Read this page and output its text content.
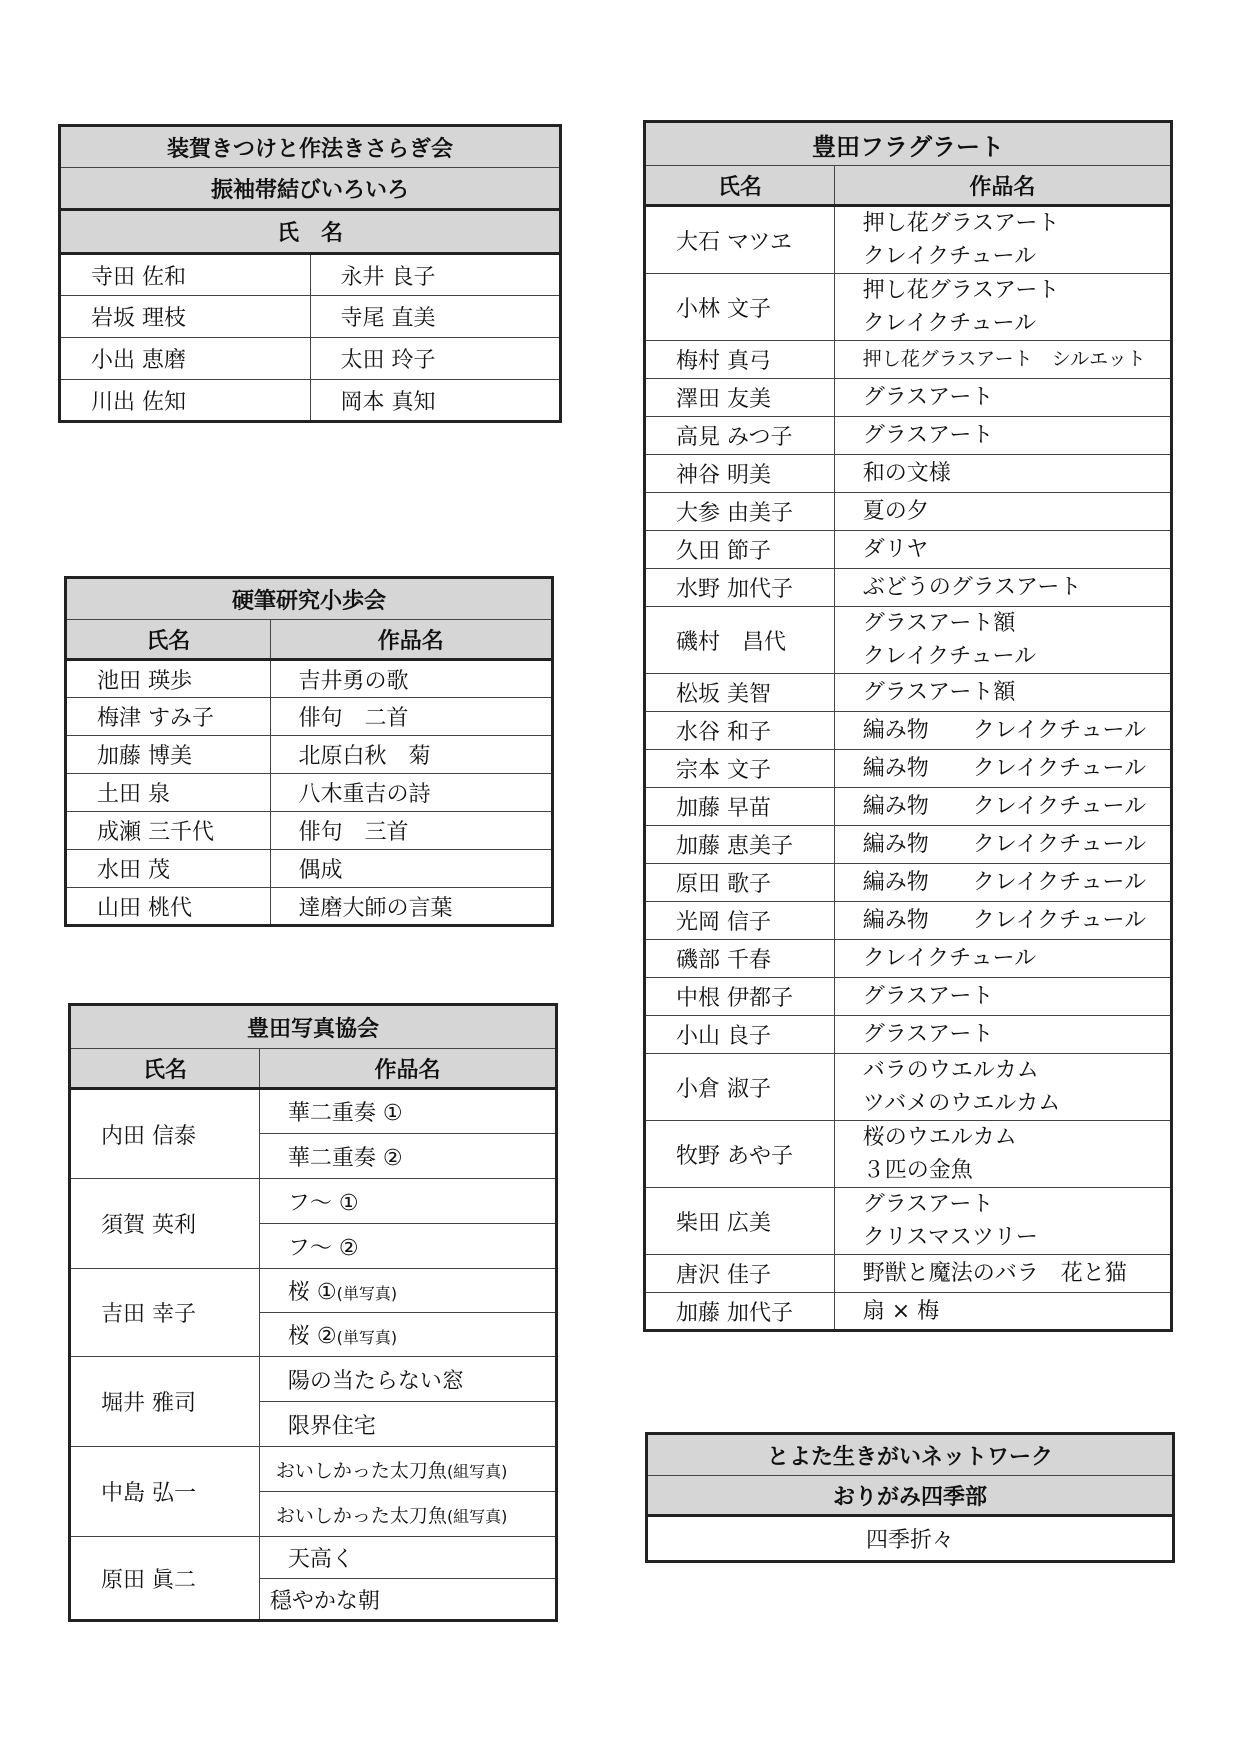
装賀きつけと作法きさらぎ会	
振袖帯結びいろいろ	
氏　名	
寺田 佐和	永井 良子
岩坂 理枝	寺尾 直美
小出 恵磨	太田 玲子
川出 佐知	岡本 真知
硬筆研究小歩会	
氏名	作品名
池田 瑛歩	吉井勇の歌
梅津 すみ子	俳句　二首
加藤 博美	北原白秋　菊
土田 泉	八木重吉の詩
成瀬 三千代	俳句　三首
水田 茂	偶成
山田 桃代	達磨大師の言葉
豊田写真協会	
氏名	作品名
内田 信泰	華二重奏 ①
	華二重奏 ②
須賀 英利	フ～ ①
	フ～ ②
吉田 幸子	桜 ①(単写真)
	桜 ②(単写真)
堀井 雅司	陽の当たらない窓
	限界住宅
中島 弘一	おいしかった太刀魚(組写真)
	おいしかった太刀魚(組写真)
原田 眞二	天高く
	穏やかな朝
豊田フラグラート	
氏名	作品名
大石 マツヱ	押し花グラスアート
クレイクチュール

小林 文子	押し花グラスアート
クレイクチュール

梅村 真弓	押し花グラスアート　シルエット

澤田 友美	グラスアート

高見 みつ子	グラスアート

神谷 明美	和の文様

大参 由美子	夏の夕

久田 節子	ダリヤ

水野 加代子	ぶどうのグラスアート

磯村　昌代	グラスアート額
クレイクチュール

松坂 美智	グラスアート額

水谷 和子	編み物　　クレイクチュール

宗本 文子	編み物　　クレイクチュール

加藤 早苗	編み物　　クレイクチュール

加藤 恵美子	編み物　　クレイクチュール

原田 歌子	編み物　　クレイクチュール

光岡 信子	編み物　　クレイクチュール

磯部 千春	クレイクチュール

中根 伊都子	グラスアート

小山 良子	グラスアート

小倉 淑子	バラのウエルカム
ツバメのウエルカム

牧野 あや子	桜のウエルカム
３匹の金魚

柴田 広美	グラスアート
クリスマスツリー

唐沢 佳子	野獣と魔法のバラ　花と猫

加藤 加代子	扇 × 梅
とよた生きがいネットワーク
おりがみ四季部
四季折々
